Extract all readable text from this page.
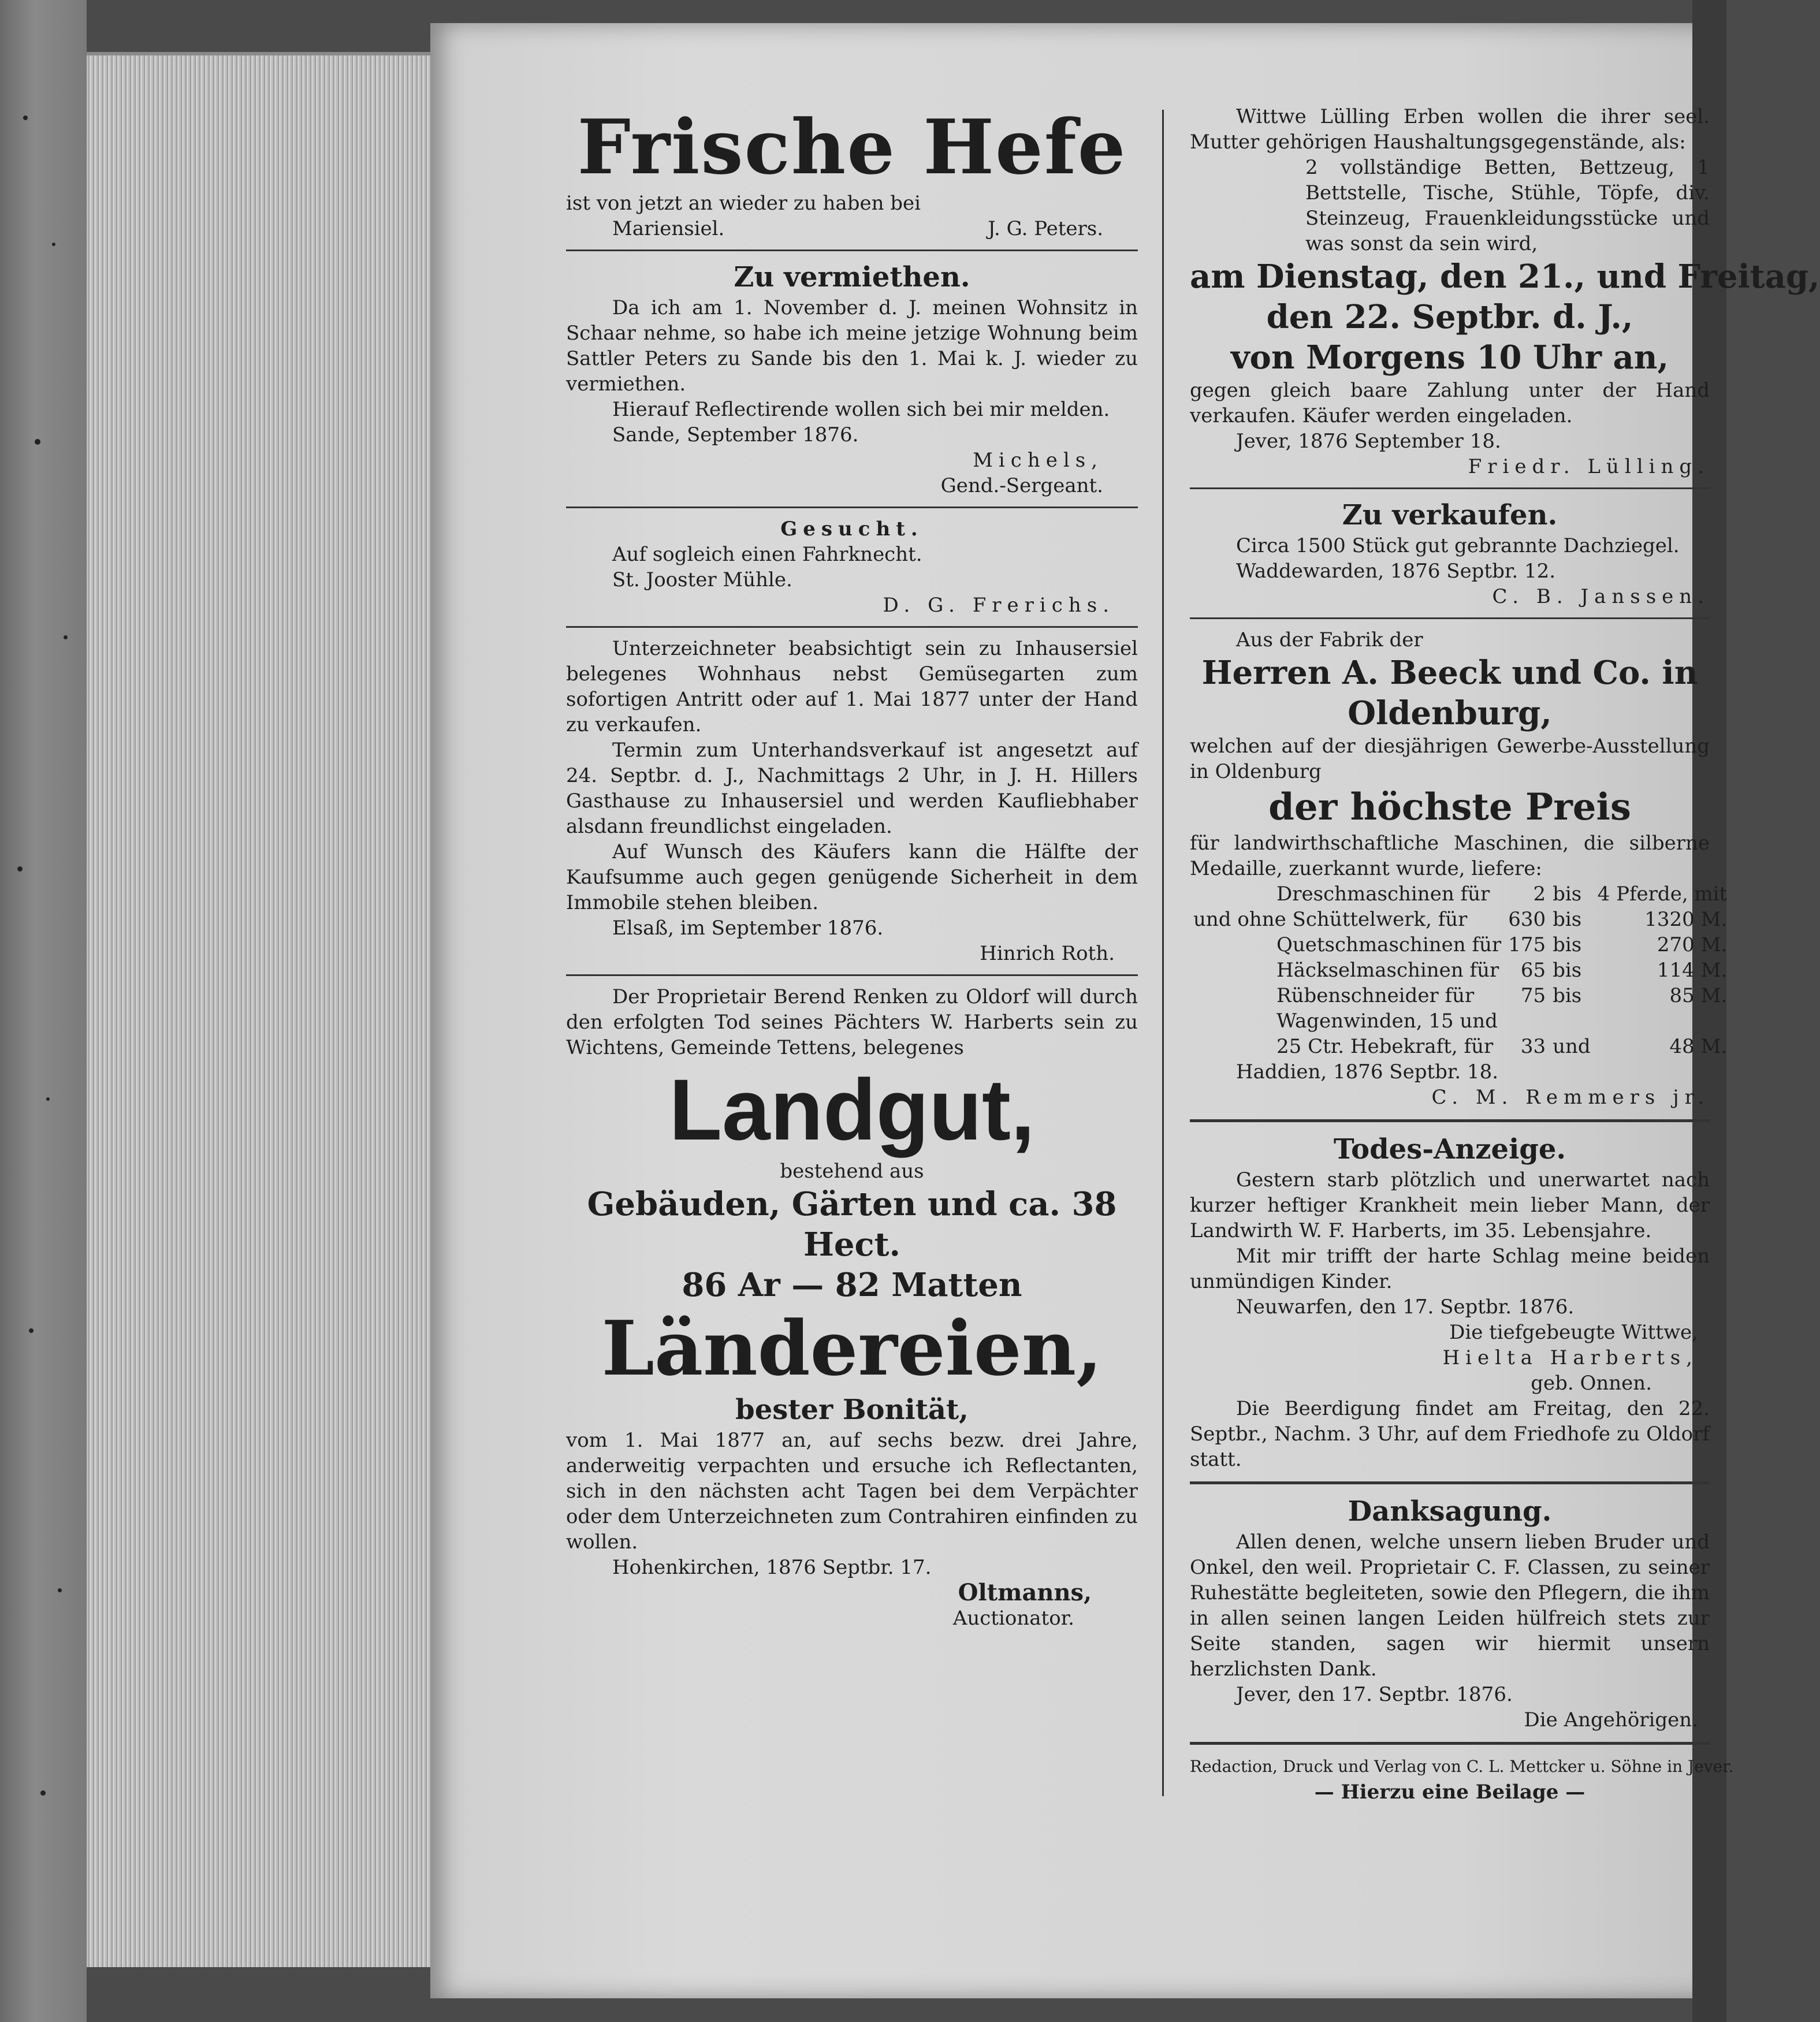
Frische Hefe
ist von jetzt an wieder zu haben bei
Mariensiel.	J. G. Peters.
Zu vermiethen.
Da ich am 1. November d. J. meinen Wohnsitz in Schaar nehme, so habe ich meine jetzige Wohnung beim Sattler Peters zu Sande bis den 1. Mai k. J. wieder zu vermiethen.
Hierauf Reflectirende wollen sich bei mir melden.
Sande, September 1876.
Michels,
Gend.-Sergeant.
Gesucht.
Auf sogleich einen Fahrknecht.
St. Jooster Mühle.
D. G. Frerichs.
Unterzeichneter beabsichtigt sein zu Inhausersiel belegenes Wohnhaus nebst Gemüsegarten zum sofortigen Antritt oder auf 1. Mai 1877 unter der Hand zu verkaufen.
Termin zum Unterhandsverkauf ist angesetzt auf 24. Septbr. d. J., Nachmittags 2 Uhr, in J. H. Hillers Gasthause zu Inhausersiel und werden Kaufliebhaber alsdann freundlichst eingeladen.
Auf Wunsch des Käufers kann die Hälfte der Kaufsumme auch gegen genügende Sicherheit in dem Immobile stehen bleiben.
Elsaß, im September 1876.
Hinrich Roth.
Der Proprietair Berend Renken zu Oldorf will durch den erfolgten Tod seines Pächters W. Harberts sein zu Wichtens, Gemeinde Tettens, belegenes
Landgut,
bestehend aus
Gebäuden, Gärten und ca. 38 Hect.
86 Ar — 82 Matten
Ländereien,
bester Bonität,
vom 1. Mai 1877 an, auf sechs bezw. drei Jahre, anderweitig verpachten und ersuche ich Reflectanten, sich in den nächsten acht Tagen bei dem Verpächter oder dem Unterzeichneten zum Contrahiren einfinden zu wollen.
Hohenkirchen, 1876 Septbr. 17.
Oltmanns,
Auctionator.
Wittwe Lülling Erben wollen die ihrer seel. Mutter gehörigen Haushaltungsgegenstände, als:
2 vollständige Betten, Bettzeug, 1 Bettstelle, Tische, Stühle, Töpfe, div. Steinzeug, Frauenkleidungsstücke und was sonst da sein wird,
am Dienstag, den 21., und Freitag,
den 22. Septbr. d. J.,
von Morgens 10 Uhr an,
gegen gleich baare Zahlung unter der Hand verkaufen. Käufer werden eingeladen.
Jever, 1876 September 18.
Friedr. Lülling.
Zu verkaufen.
Circa 1500 Stück gut gebrannte Dachziegel.
Waddewarden, 1876 Septbr. 12.
C. B. Janssen.
Aus der Fabrik der
Herren A. Beeck und Co. in
Oldenburg,
welchen auf der diesjährigen Gewerbe-Ausstellung in Oldenburg
der höchste Preis
für landwirthschaftliche Maschinen, die silberne Medaille, zuerkannt wurde, liefere:
Dreschmaschinen für	2	bis	4 Pferde, mit
und ohne Schüttelwerk, für	630	bis	1320 M.
Quetschmaschinen für	175	bis	270 M.
Häckselmaschinen für	65	bis	114 M.
Rübenschneider für	75	bis	85 M.
Wagenwinden, 15 und			
25 Ctr. Hebekraft, für	33	und	48 M.
Haddien, 1876 Septbr. 18.
C. M. Remmers jr.
Todes-Anzeige.
Gestern starb plötzlich und unerwartet nach kurzer heftiger Krankheit mein lieber Mann, der Landwirth W. F. Harberts, im 35. Lebensjahre.
Mit mir trifft der harte Schlag meine beiden unmündigen Kinder.
Neuwarfen, den 17. Septbr. 1876.
Die tiefgebeugte Wittwe,
Hielta Harberts,
geb. Onnen.
Die Beerdigung findet am Freitag, den 22. Septbr., Nachm. 3 Uhr, auf dem Friedhofe zu Oldorf statt.
Danksagung.
Allen denen, welche unsern lieben Bruder und Onkel, den weil. Proprietair C. F. Classen, zu seiner Ruhestätte begleiteten, sowie den Pflegern, die ihm in allen seinen langen Leiden hülfreich stets zur Seite standen, sagen wir hiermit unsern herzlichsten Dank.
Jever, den 17. Septbr. 1876.
Die Angehörigen.
Redaction, Druck und Verlag von C. L. Mettcker u. Söhne in Jever.
— Hierzu eine Beilage —
